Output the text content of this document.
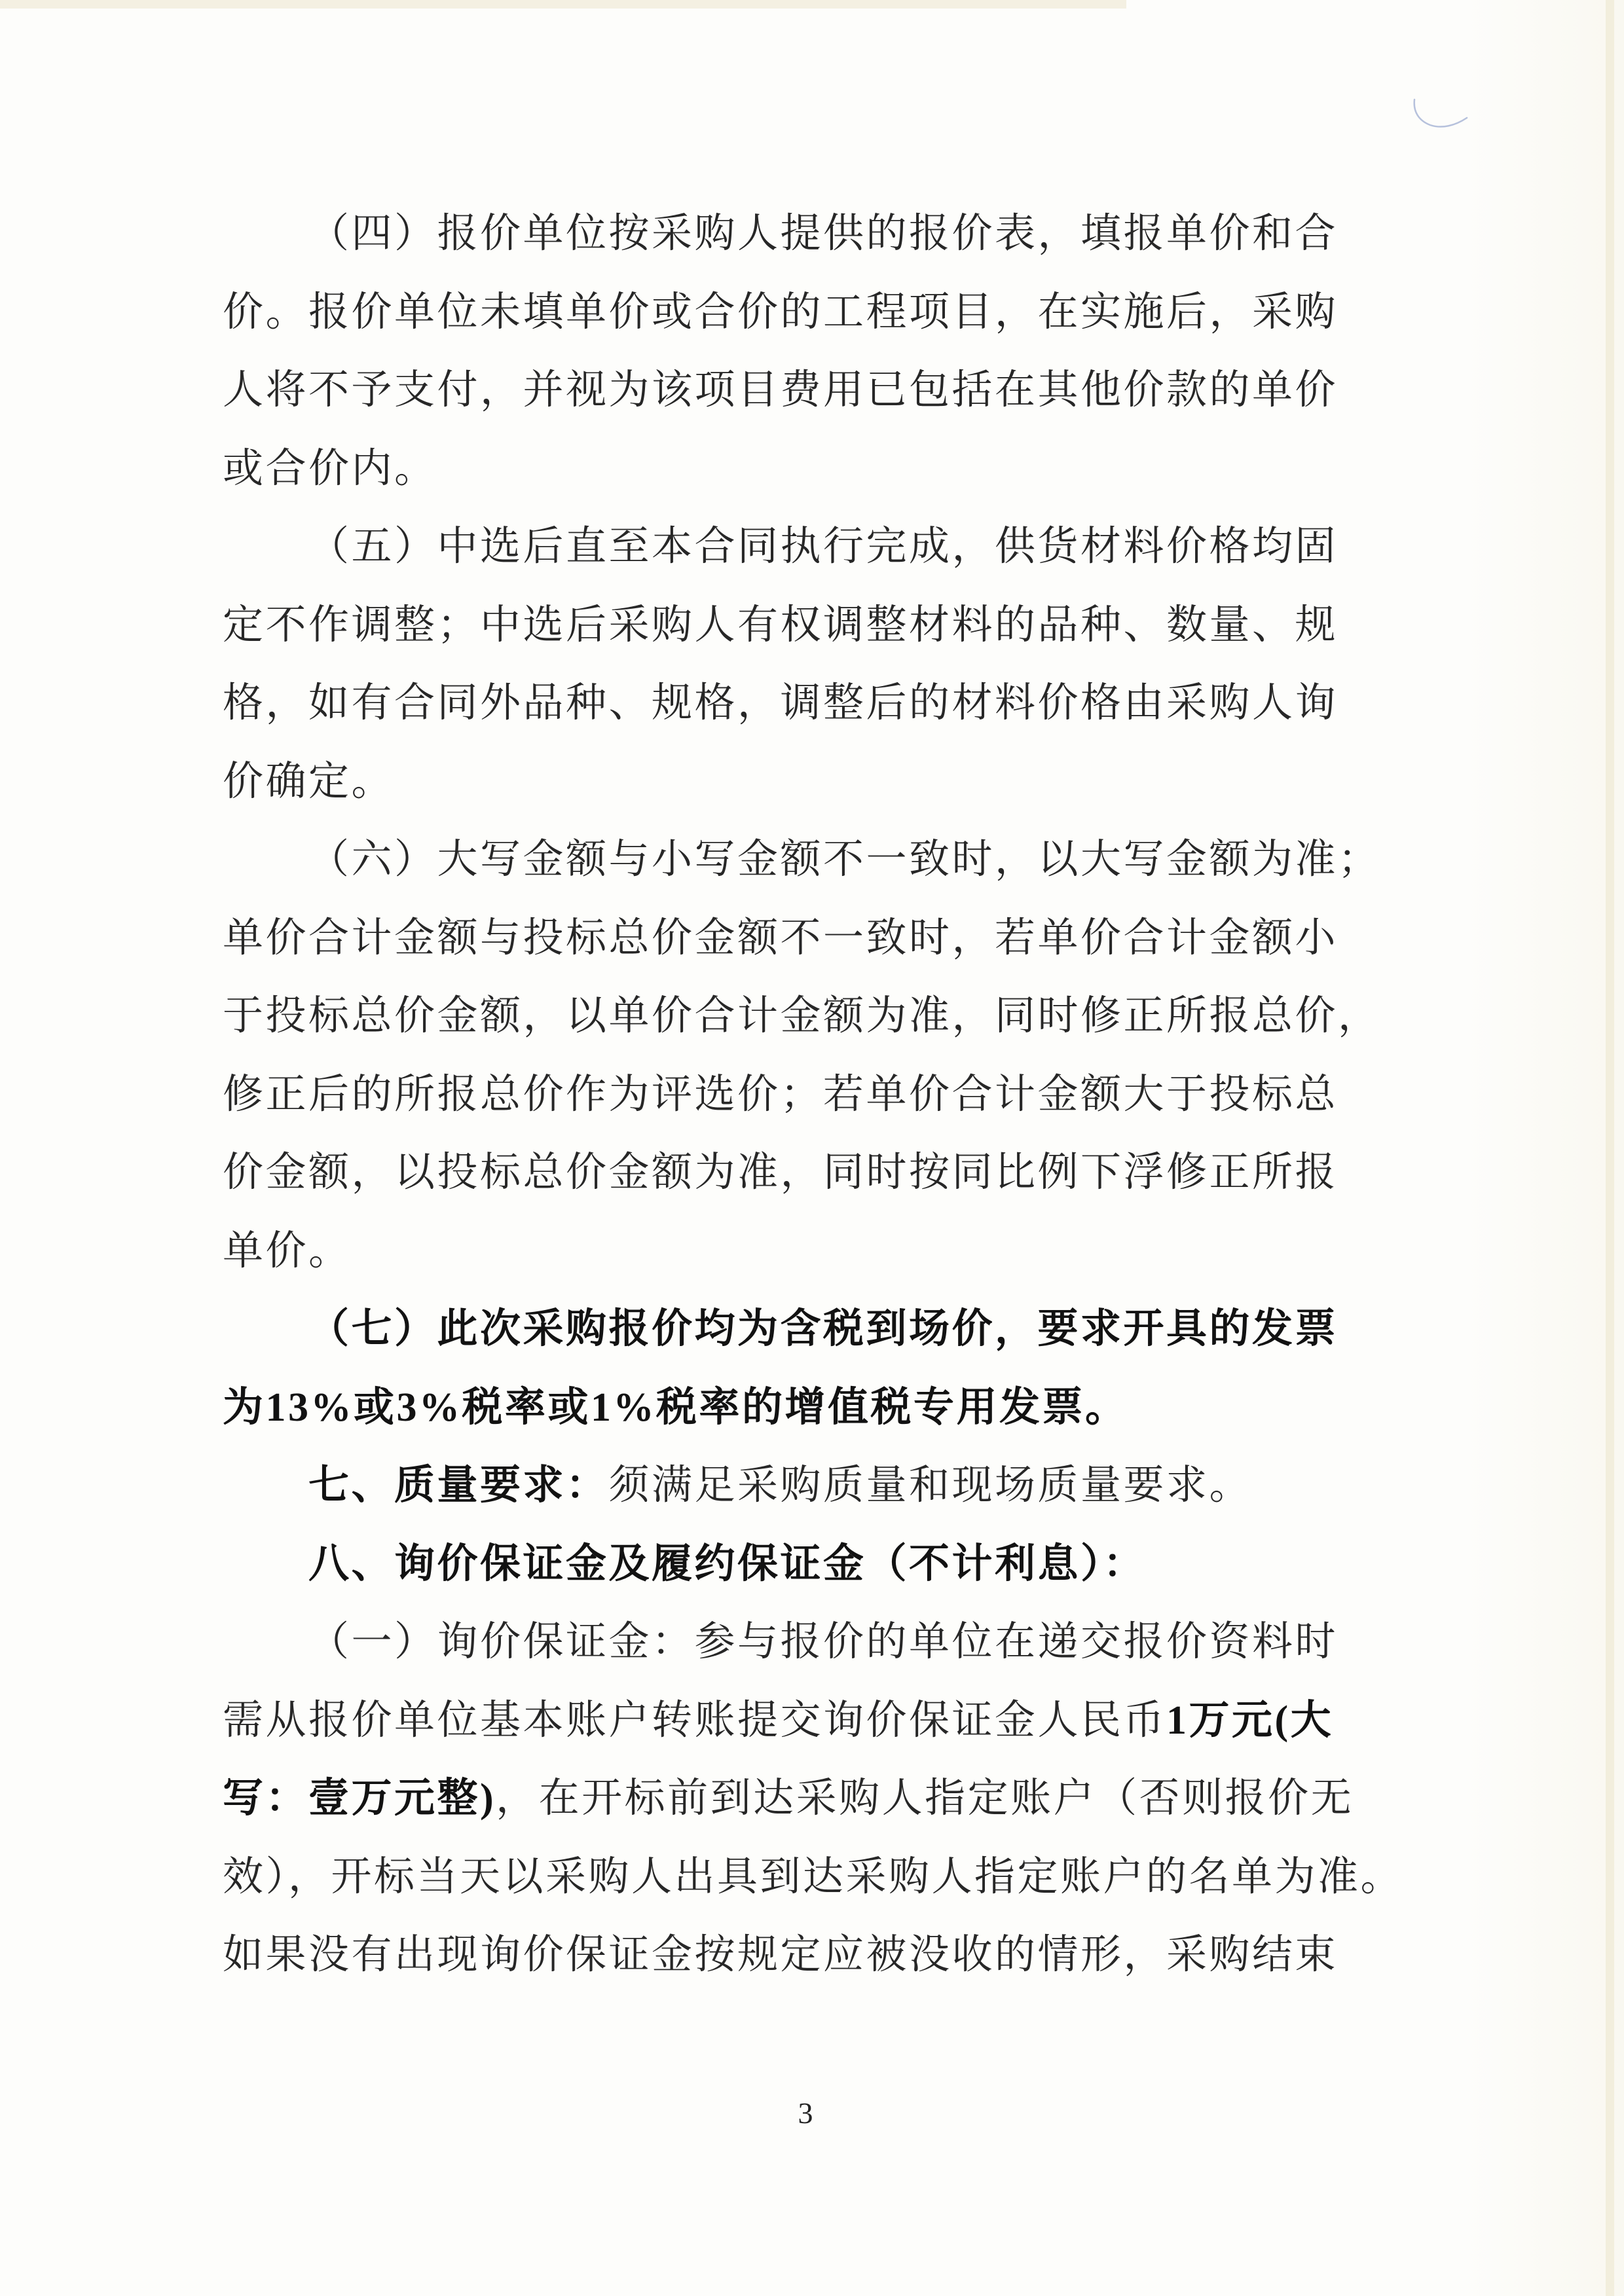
（四）报价单位按采购人提供的报价表，填报单价和合
价。报价单位未填单价或合价的工程项目，在实施后，采购
人将不予支付，并视为该项目费用已包括在其他价款的单价
或合价内。
（五）中选后直至本合同执行完成，供货材料价格均固
定不作调整；中选后采购人有权调整材料的品种、数量、规
格，如有合同外品种、规格，调整后的材料价格由采购人询
价确定。
（六）大写金额与小写金额不一致时，以大写金额为准；
单价合计金额与投标总价金额不一致时，若单价合计金额小
于投标总价金额，以单价合计金额为准，同时修正所报总价，
修正后的所报总价作为评选价；若单价合计金额大于投标总
价金额，以投标总价金额为准，同时按同比例下浮修正所报
单价。
（七）此次采购报价均为含税到场价，要求开具的发票
为13%或3%税率或1%税率的增值税专用发票。
七、质量要求：须满足采购质量和现场质量要求。
八、询价保证金及履约保证金（不计利息）：
（一）询价保证金：参与报价的单位在递交报价资料时
需从报价单位基本账户转账提交询价保证金人民币1万元(大
写：壹万元整)，在开标前到达采购人指定账户（否则报价无
效），开标当天以采购人出具到达采购人指定账户的名单为准。
如果没有出现询价保证金按规定应被没收的情形，采购结束
3
